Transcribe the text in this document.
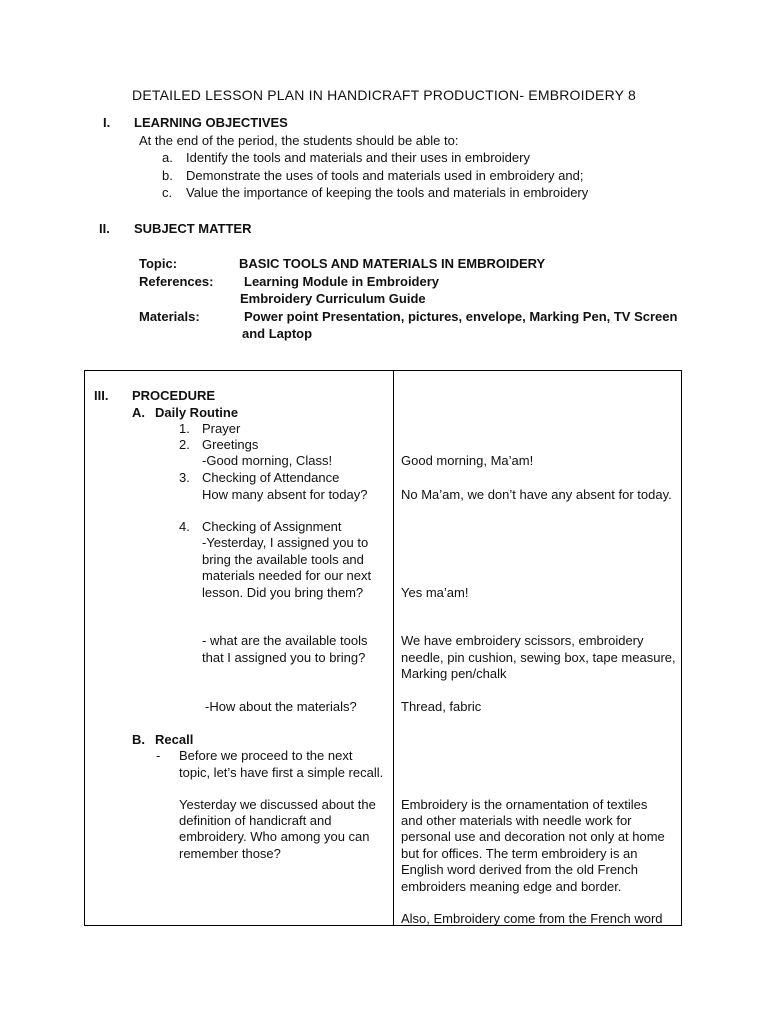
DETAILED LESSON PLAN IN HANDICRAFT PRODUCTION- EMBROIDERY 8
I. LEARNING OBJECTIVES
At the end of the period, the students should be able to:
a. Identify the tools and materials and their uses in embroidery
b. Demonstrate the uses of tools and materials used in embroidery and;
c. Value the importance of keeping the tools and materials in embroidery
II. SUBJECT MATTER
Topic:	BASIC TOOLS AND MATERIALS IN EMBROIDERY
References: Learning Module in Embroidery
Embroidery Curriculum Guide
Materials:	Power point Presentation, pictures, envelope, Marking Pen, TV Screen
and Laptop
III. PROCEDURE
A. Daily Routine
1. Prayer
2. Greetings
-Good morning, Class!
3. Checking of Attendance
How many absent for today?
4. Checking of Assignment
-Yesterday, I assigned you to
bring the available tools and
materials needed for our next
lesson. Did you bring them?
- what are the available tools
that I assigned you to bring?
-How about the materials?
B. Recall
- Before we proceed to the next
topic, let’s have first a simple recall.
Yesterday we discussed about the
definition of handicraft and
embroidery. Who among you can
remember those?
Good morning, Ma’am!
No Ma’am, we don’t have any absent for today.
Yes ma’am!
We have embroidery scissors, embroidery
needle, pin cushion, sewing box, tape measure,
Marking pen/chalk
Thread, fabric
Embroidery is the ornamentation of textiles
and other materials with needle work for
personal use and decoration not only at home
but for offices. The term embroidery is an
English word derived from the old French
embroiders meaning edge and border.
Also, Embroidery come from the French word
